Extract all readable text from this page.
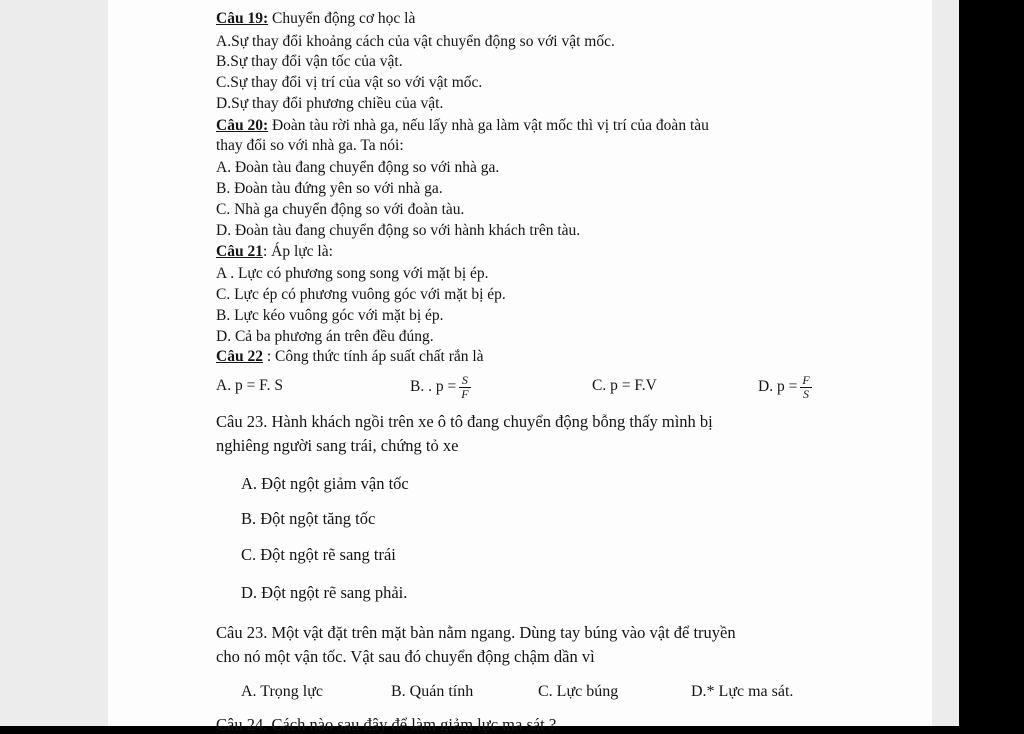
Câu 19: Chuyển động cơ học là
A.Sự thay đổi khoảng cách của vật chuyển động so với vật mốc.
B.Sự thay đổi vận tốc của vật.
C.Sự thay đổi vị trí của vật so với vật mốc.
D.Sự thay đổi phương chiều của vật.
Câu 20: Đoàn tàu rời nhà ga, nếu lấy nhà ga làm vật mốc thì vị trí của đoàn tàu
thay đổi so với nhà ga. Ta nói:
A. Đoàn tàu đang chuyển động so với nhà ga.
B. Đoàn tàu đứng yên so với nhà ga.
C. Nhà ga chuyển động so với đoàn tàu.
D. Đoàn tàu đang chuyển động so với hành khách trên tàu.
Câu 21: Áp lực là:
A . Lực có phương song song với mặt bị ép.
C. Lực ép có phương vuông góc với mặt bị ép.
B. Lực kéo vuông góc với mặt bị ép.
D. Cả ba phương án trên đều đúng.
Câu 22 : Công thức tính áp suất chất rắn là
A. p = F. S	B. . $p = \frac{S}{F}$	C. p = F.V	D. $p = \frac{F}{S}$
Câu 23. Hành khách ngồi trên xe ô tô đang chuyển động bỗng thấy mình bị
nghiêng người sang trái, chứng tỏ xe
A. Đột ngột giảm vận tốc
B. Đột ngột tăng tốc
C. Đột ngột rẽ sang trái
D. Đột ngột rẽ sang phải.
Câu 23. Một vật đặt trên mặt bàn nằm ngang. Dùng tay búng vào vật để truyền
cho nó một vận tốc. Vật sau đó chuyển động chậm dần vì
A. Trọng lực	B. Quán tính	C. Lực búng	D.* Lực ma sát.
Câu 24. Cách nào sau đây để làm giảm lực ma sát ?
